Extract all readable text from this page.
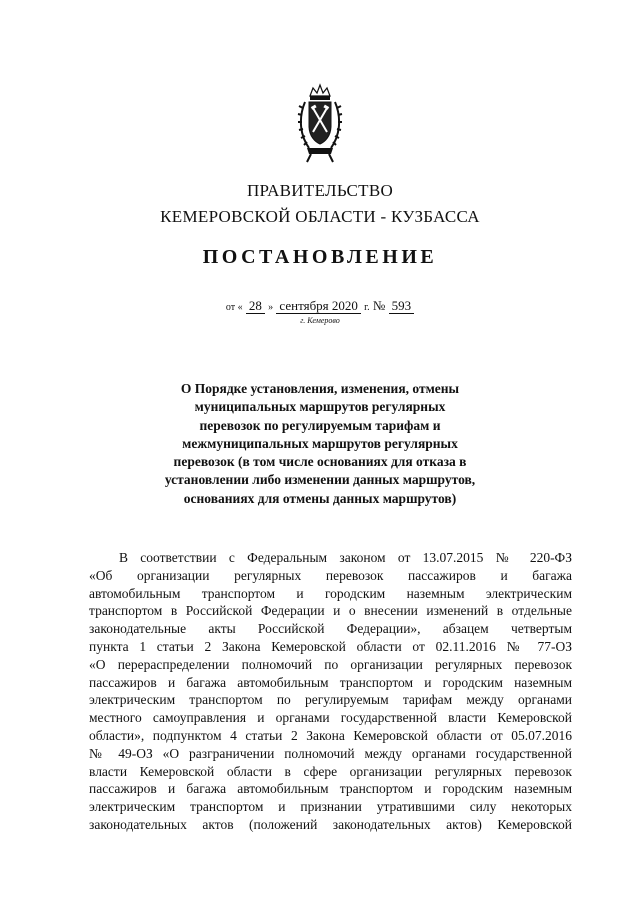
ПРАВИТЕЛЬСТВО
КЕМЕРОВСКОЙ ОБЛАСТИ - КУЗБАССА
ПОСТАНОВЛЕНИЕ
от « 28 » сентября 2020 г. № 593
г. Кемерово
О Порядке установления, изменения, отмены
муниципальных маршрутов регулярных
перевозок по регулируемым тарифам и
межмуниципальных маршрутов регулярных
перевозок (в том числе основаниях для отказа в
установлении либо изменении данных маршрутов,
основаниях для отмены данных маршрутов)
В соответствии с Федеральным законом от 13.07.2015 № 220-ФЗ
«Об организации регулярных перевозок пассажиров и багажа
автомобильным транспортом и городским наземным электрическим
транспортом в Российской Федерации и о внесении изменений в отдельные
законодательные акты Российской Федерации», абзацем четвертым
пункта 1 статьи 2 Закона Кемеровской области от 02.11.2016 № 77-ОЗ
«О перераспределении полномочий по организации регулярных перевозок
пассажиров и багажа автомобильным транспортом и городским наземным
электрическим транспортом по регулируемым тарифам между органами
местного самоуправления и органами государственной власти Кемеровской
области», подпунктом 4 статьи 2 Закона Кемеровской области от 05.07.2016
№ 49-ОЗ «О разграничении полномочий между органами государственной
власти Кемеровской области в сфере организации регулярных перевозок
пассажиров и багажа автомобильным транспортом и городским наземным
электрическим транспортом и признании утратившими силу некоторых
законодательных актов (положений законодательных актов) Кемеровской
